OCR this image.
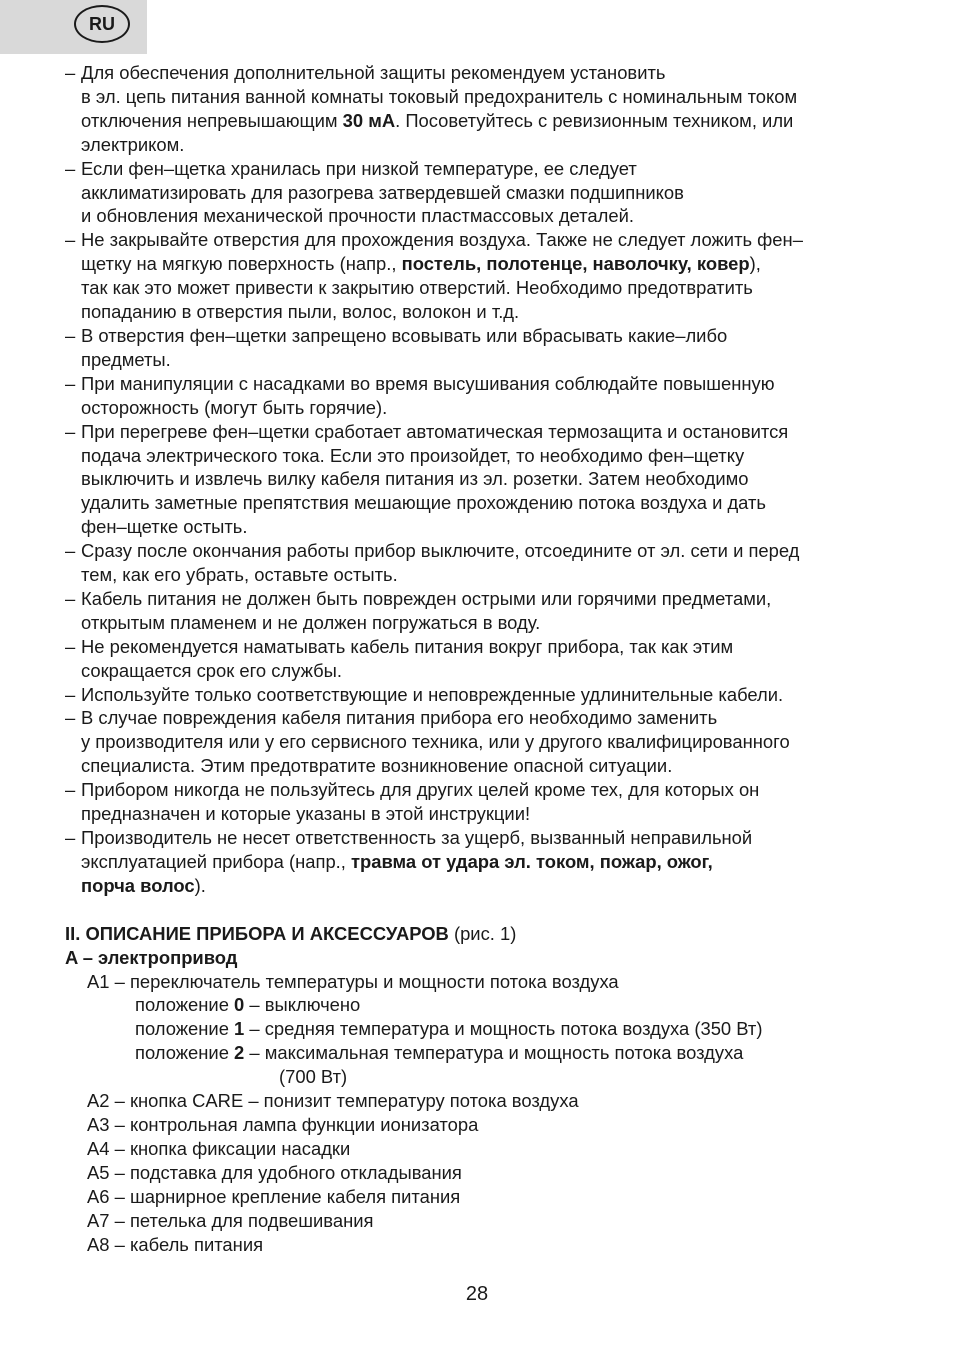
RU
– Для обеспечения дополнительной защиты рекомендуем установить
в эл. цепь питания ванной комнаты токовый предохранитель с номинальным током
отключения непревышающим 30 мА. Посоветуйтесь с ревизионным техником, или
электриком.
– Если фен–щетка хранилась при низкой температуре, ее следует
акклиматизировать для разогрева затвердевшей смазки подшипников
и обновления механической прочности пластмассовых деталей.
– Не закрывайте отверстия для прохождения воздуха. Также не следует ложить фен–
щетку на мягкую поверхность (напр., постель, полотенце, наволочку, ковер),
так как это может привести к закрытию отверстий. Необходимо предотвратить
попаданию в отверстия пыли, волос, волокон и т.д.
– В отверстия фен–щетки запрещено всовывать или вбрасывать какие–либо
предметы.
– При манипуляции с насадками во время высушивания соблюдайте повышенную
осторожность (могут быть горячие).
– При перегреве фен–щетки сработает автоматическая термозащита и остановится
подача электрического тока. Если это произойдет, то необходимо фен–щетку
выключить и извлечь вилку кабеля питания из эл. розетки. Затем необходимо
удалить заметные препятствия мешающие прохождению потока воздуха и дать
фен–щетке остыть.
– Сразу после окончания работы прибор выключите, отсоедините от эл. сети и перед
тем, как его убрать, оставьте остыть.
– Кабель питания не должен быть поврежден острыми или горячими предметами,
открытым пламенем и не должен погружаться в воду.
– Не рекомендуется наматывать кабель питания вокруг прибора, так как этим
сокращается срок его службы.
– Используйте только соответствующие и неповрежденные удлинительные кабели.
– В случае повреждения кабеля питания прибора его необходимо заменить
у производителя или у его сервисного техника, или у другого квалифицированного
специалиста. Этим предотвратите возникновение опасной ситуации.
– Прибором никогда не пользуйтесь для других целей кроме тех, для которых он
предназначен и которые указаны в этой инструкции!
– Производитель не несет ответственность за ущерб, вызванный неправильной
эксплуатацией прибора (напр., травма от удара эл. током, пожар, ожог,
порча волос).
II. ОПИСАНИЕ ПРИБОРА И АКСЕССУАРОВ (рис. 1)
A – электропривод
A1 – переключатель температуры и мощности потока воздуха
положение 0 – выключено
положение 1 – средняя температура и мощность потока воздуха (350 Вт)
положение 2 – максимальная температура и мощность потока воздуха
(700 Вт)
A2 – кнопка CARE – понизит температуру потока воздуха
A3 – контрольная лампа функции ионизатора
A4 – кнопка фиксации насадки
A5 – подставка для удобного откладывания
A6 – шарнирное крепление кабеля питания
A7 – петелька для подвешивания
A8 – кабель питания
28
